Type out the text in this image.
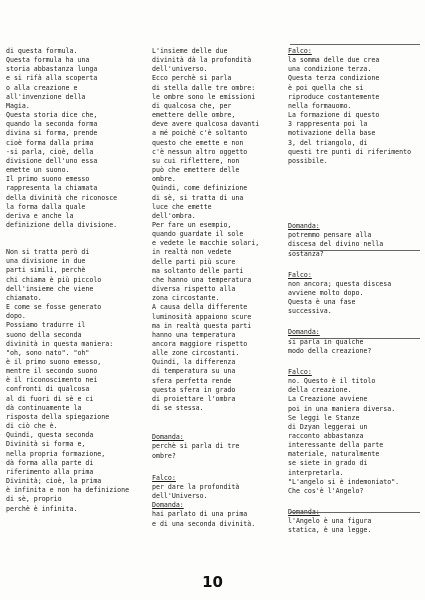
di questa formula.
Questa formula ha una
storia abbastanza lunga
e si rifà alla scoperta
o alla creazione e
all'invenzione della
Magia.
Questa storia dice che,
quando la seconda forma
divina si forma, prende
cioè forma dalla prima
-si parla, cioè, della
divisione dell'uno essa
emette un suono.
Il primo suono emesso
rappresenta la chiamata
della divinità che riconosce
la forma dalla quale
deriva e anche la
definizione della divisione.

Non si tratta però di
una divisione in due
parti simili, perchè
chi chiama è più piccolo
dell'insieme che viene
chiamato.
E come se fosse generato
dopo.
Possiamo tradurre il
suono della seconda
divinità in questa maniera:
"oh, sono nato". "oh"
è il primo suono emesso,
mentre il secondo suono
è il riconoscimento nei
confronti di qualcosa
al di fuori di sè e ci
dà continuamente la
risposta della spiegazione
di ciò che è.
Quindi, questa seconda
Divinità si forma e,
nella propria formazione,
dà forma alla parte di
riferimento alla prima
Divinità; cioè, la prima
è infinita e non ha definizione
di sè, proprio
perchè è infinita.

L'insieme delle due
divinità dà la profondità
dell'universo.
Ecco perchè si parla
di stella dalle tre ombre:
le ombre sono le emissioni
di qualcosa che, per
emettere delle ombre,
deve avere qualcosa davanti
a mé poichè c'è soltanto
questo che emette e non
c'è nessun altro oggetto
su cui riflettere, non
può che emettere delle
ombre.
Quindi, come definizione
di sè, si tratta di una
luce che emette
dell'ombra.
Per fare un esempio,
quando guardate il sole
e vedete le macchie solari,
in realtà non vedete
delle parti più scure
ma soltanto delle parti
che hanno una temperatura
diversa rispetto alla
zona circostante.
A causa della differente
luminosità appaiono scure
ma in realtà questa parti
hanno una temperatura
ancora maggiore rispetto
alle zone circostanti.
Quindi, la differenza
di temperatura su una
sfera perfetta rende
questa sfera in grado
di proiettare l'ombra
di se stessa.

Domanda:

perchè si parla di tre
ombre?

Falco:

per dare la profondità
dell'Universo.

Domanda:

hai parlato di una prima
e di una seconda divinità.

Falco:

la somma delle due crea
una condizione terza.
Questa terza condizione
è poi quella che si
riproduce costantemente
nella formauomo.
La formazione di questo
3 rappresenta poi la
motivazione della base
3, del triangolo, di
questi tre punti di riferimento
possibile.

Domanda:

potremmo pensare alla
discesa del divino nella
sostanza?

Falco:

non ancora; questa discesa
avviene molto dopo.
Questa è una fase
successiva.

Domanda:

si parla in qualche
modo della creazione?

Falco:

no. Questo è il titolo
della creazione.
La Creazione avviene
poi in una maniera diversa.
Se leggi le Stanze
di Dzyan leggerai un
racconto abbastanza
interessante della parte
materiale, naturalmente
se siete in grado di
interpretarla.
"L'angelo si è indemoniato".
Che cos'è l'Angelo?

Domanda:

l'Angelo è una figura
statica, è una legge.

10
